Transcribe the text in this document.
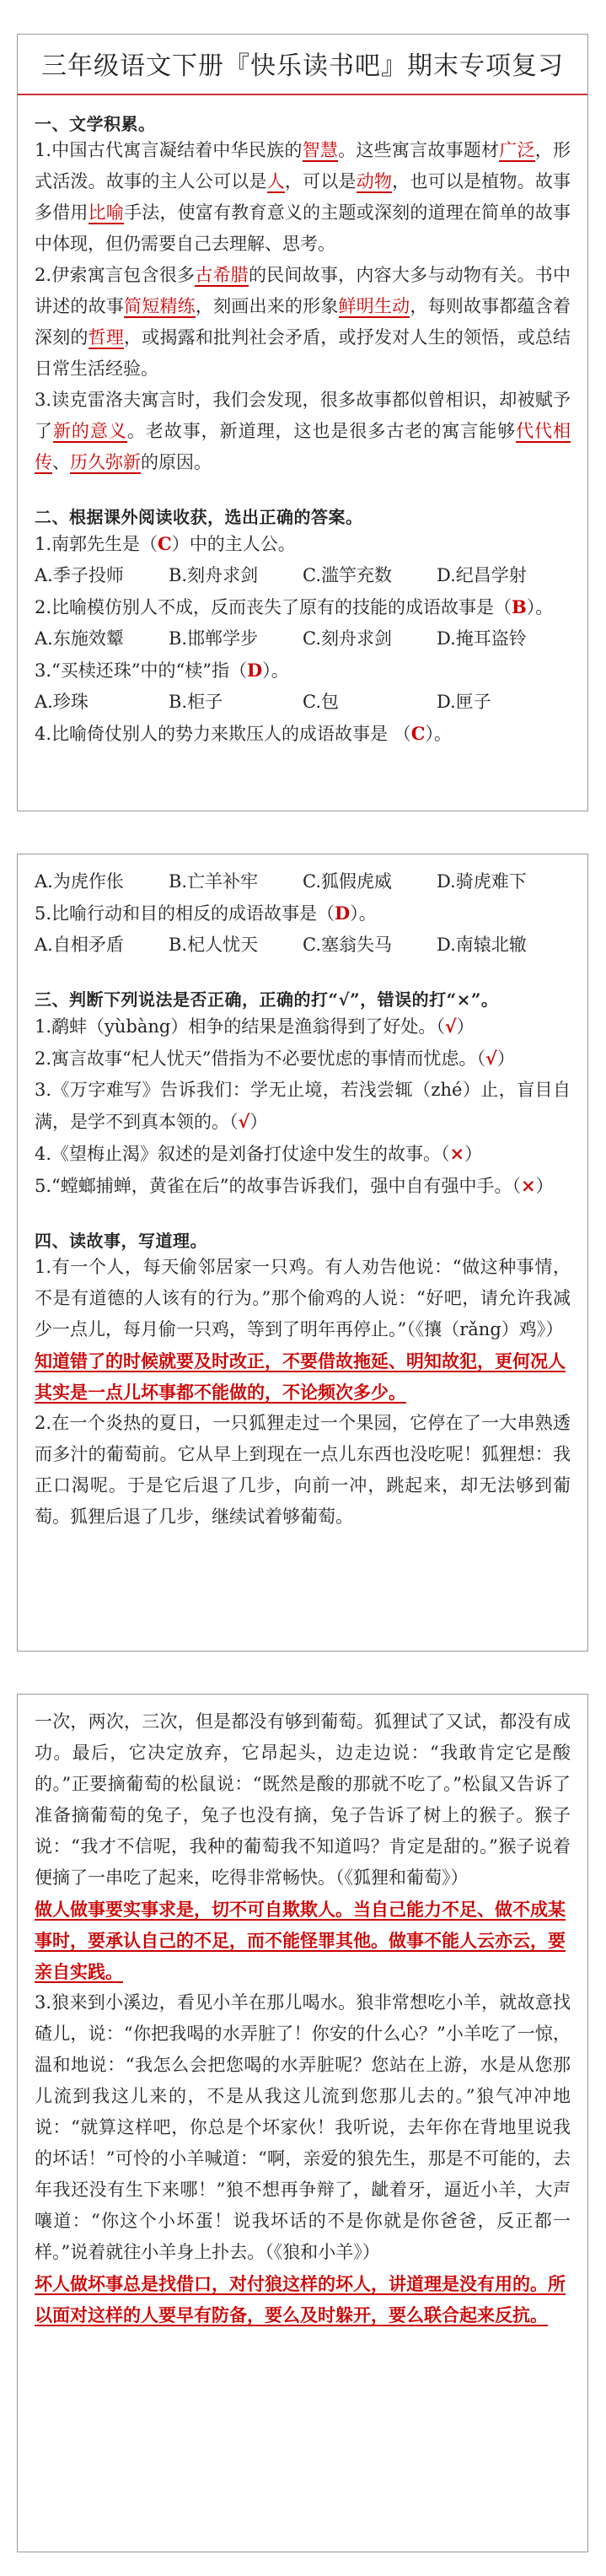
三年级语文下册『快乐读书吧』期末专项复习
一、文学积累。
1.中国古代寓言凝结着中华民族的智慧。这些寓言故事题材广泛，形式活泼。故事的主人公可以是人，可以是动物，也可以是植物。故事多借用比喻手法，使富有教育意义的主题或深刻的道理在简单的故事中体现，但仍需要自己去理解、思考。
2.伊索寓言包含很多古希腊的民间故事，内容大多与动物有关。书中讲述的故事简短精练，刻画出来的形象鲜明生动，每则故事都蕴含着深刻的哲理，或揭露和批判社会矛盾，或抒发对人生的领悟，或总结日常生活经验。
3.读克雷洛夫寓言时，我们会发现，很多故事都似曾相识，却被赋予了新的意义。老故事，新道理，这也是很多古老的寓言能够代代相传、历久弥新的原因。
二、根据课外阅读收获，选出正确的答案。
1.南郭先生是（C）中的主人公。
A.季子投师	B.刻舟求剑	C.滥竽充数	D.纪昌学射
2.比喻模仿别人不成，反而丧失了原有的技能的成语故事是（B）。
A.东施效颦	B.邯郸学步	C.刻舟求剑	D.掩耳盗铃
3.“买椟还珠”中的“椟”指（D）。
A.珍珠	B.柜子	C.包	D.匣子
4.比喻倚仗别人的势力来欺压人的成语故事是 （C）。
A.为虎作伥	B.亡羊补牢	C.狐假虎威	D.骑虎难下
5.比喻行动和目的相反的成语故事是（D）。
A.自相矛盾	B.杞人忧天	C.塞翁失马	D.南辕北辙
三、判断下列说法是否正确，正确的打“√”，错误的打“×”。
1.鹬蚌（yùbàng）相争的结果是渔翁得到了好处。（√）
2.寓言故事“杞人忧天”借指为不必要忧虑的事情而忧虑。（√）
3.《万字难写》告诉我们：学无止境，若浅尝辄（zhé）止，盲目自满，是学不到真本领的。（√）
4.《望梅止渴》叙述的是刘备打仗途中发生的故事。（×）
5.“螳螂捕蝉，黄雀在后”的故事告诉我们，强中自有强中手。（×）
四、读故事，写道理。
1.有一个人，每天偷邻居家一只鸡。有人劝告他说：“做这种事情，不是有道德的人该有的行为。”那个偷鸡的人说：“好吧，请允许我减少一点儿，每月偷一只鸡，等到了明年再停止。”（《攘（rǎng）鸡》）
知道错了的时候就要及时改正，不要借故拖延、明知故犯，更何况人其实是一点儿坏事都不能做的，不论频次多少。
2.在一个炎热的夏日，一只狐狸走过一个果园，它停在了一大串熟透而多汁的葡萄前。它从早上到现在一点儿东西也没吃呢！狐狸想：我正口渴呢。于是它后退了几步，向前一冲，跳起来，却无法够到葡萄。狐狸后退了几步，继续试着够葡萄。
一次，两次，三次，但是都没有够到葡萄。狐狸试了又试，都没有成功。最后，它决定放弃，它昂起头，边走边说：“我敢肯定它是酸的。”正要摘葡萄的松鼠说：“既然是酸的那就不吃了。”松鼠又告诉了准备摘葡萄的兔子，兔子也没有摘，兔子告诉了树上的猴子。猴子说：“我才不信呢，我种的葡萄我不知道吗？肯定是甜的。”猴子说着便摘了一串吃了起来，吃得非常畅快。（《狐狸和葡萄》）
做人做事要实事求是，切不可自欺欺人。当自己能力不足、做不成某事时，要承认自己的不足，而不能怪罪其他。做事不能人云亦云，要亲自实践。
3.狼来到小溪边，看见小羊在那儿喝水。狼非常想吃小羊，就故意找碴儿，说：“你把我喝的水弄脏了！你安的什么心？”小羊吃了一惊，温和地说：“我怎么会把您喝的水弄脏呢？您站在上游，水是从您那儿流到我这儿来的，不是从我这儿流到您那儿去的。”狼气冲冲地说：“就算这样吧，你总是个坏家伙！我听说，去年你在背地里说我的坏话！”可怜的小羊喊道：“啊，亲爱的狼先生，那是不可能的，去年我还没有生下来哪！”狼不想再争辩了，龇着牙，逼近小羊，大声嚷道：“你这个小坏蛋！说我坏话的不是你就是你爸爸，反正都一样。”说着就往小羊身上扑去。（《狼和小羊》）
坏人做坏事总是找借口，对付狼这样的坏人，讲道理是没有用的。所以面对这样的人要早有防备，要么及时躲开，要么联合起来反抗。
